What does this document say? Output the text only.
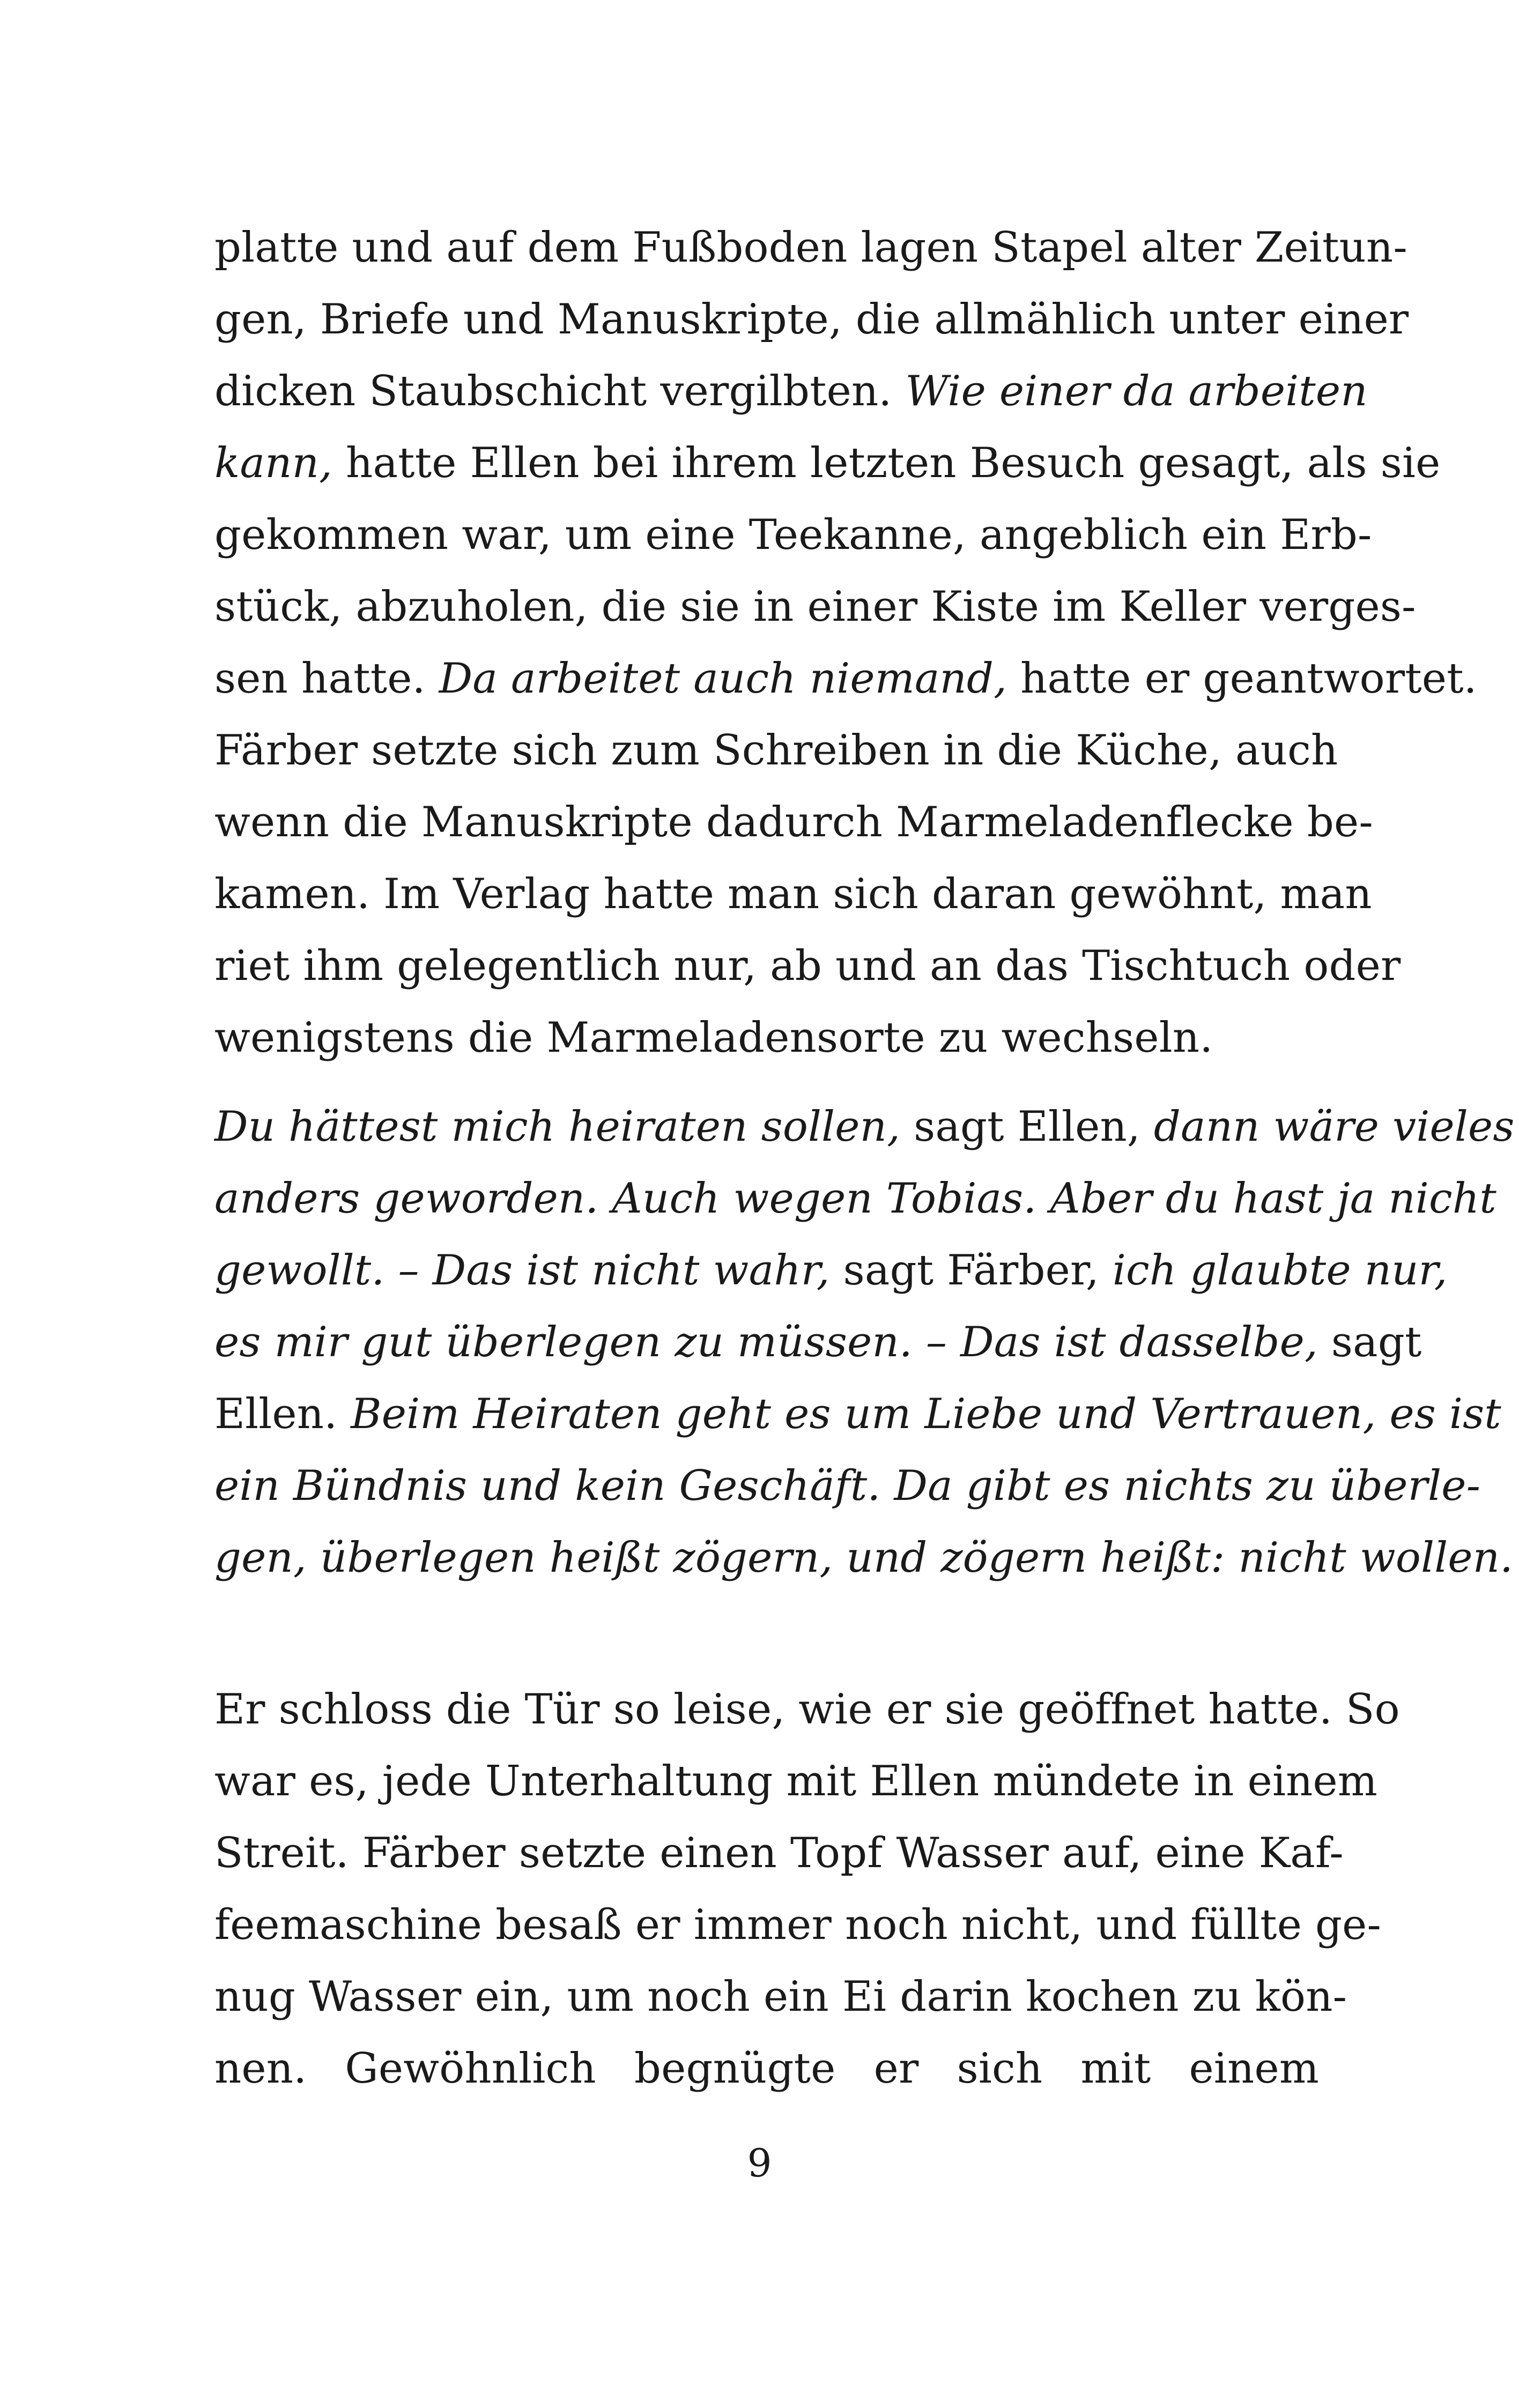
platte und auf dem Fußboden lagen Stapel alter Zeitun-
gen, Briefe und Manuskripte, die allmählich unter einer
dicken Staubschicht vergilbten. Wie einer da arbeiten
kann, hatte Ellen bei ihrem letzten Besuch gesagt, als sie
gekommen war, um eine Teekanne, angeblich ein Erb-
stück, abzuholen, die sie in einer Kiste im Keller verges-
sen hatte. Da arbeitet auch niemand, hatte er geantwortet.
Färber setzte sich zum Schreiben in die Küche, auch
wenn die Manuskripte dadurch Marmeladenflecke be-
kamen. Im Verlag hatte man sich daran gewöhnt, man
riet ihm gelegentlich nur, ab und an das Tischtuch oder
wenigstens die Marmeladensorte zu wechseln.
Du hättest mich heiraten sollen, sagt Ellen, dann wäre vieles
anders geworden. Auch wegen Tobias. Aber du hast ja nicht
gewollt. – Das ist nicht wahr, sagt Färber, ich glaubte nur,
es mir gut überlegen zu müssen. – Das ist dasselbe, sagt
Ellen. Beim Heiraten geht es um Liebe und Vertrauen, es ist
ein Bündnis und kein Geschäft. Da gibt es nichts zu überle-
gen, überlegen heißt zögern, und zögern heißt: nicht wollen.
Er schloss die Tür so leise, wie er sie geöffnet hatte. So
war es, jede Unterhaltung mit Ellen mündete in einem
Streit. Färber setzte einen Topf Wasser auf, eine Kaf-
feemaschine besaß er immer noch nicht, und füllte ge-
nug Wasser ein, um noch ein Ei darin kochen zu kön-
nen. Gewöhnlich begnügte er sich mit einem
9
